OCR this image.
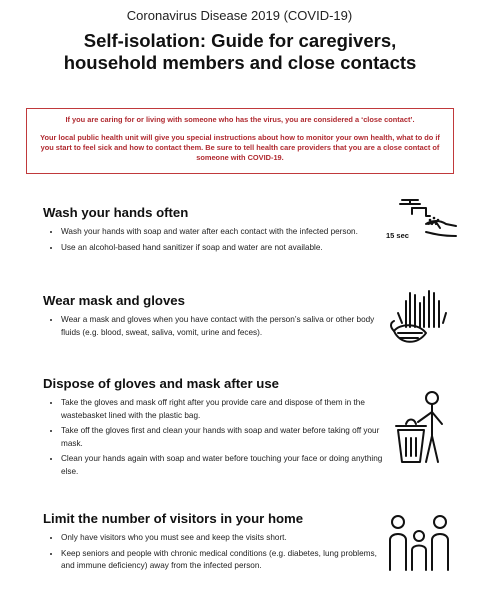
Coronavirus Disease 2019 (COVID-19)
Self-isolation: Guide for caregivers,
household members and close contacts

If you are caring for or living with someone who has the virus, you are considered a ‘close contact’.

Your local public health unit will give you special instructions about how to monitor your own health, what to do if you start to feel sick and how to contact them. Be sure to tell health care providers that you are a close contact of someone with COVID-19.

Wash your hands often
• Wash your hands with soap and water after each contact with the infected person.
• Use an alcohol-based hand sanitizer if soap and water are not available.
15 sec
Wear mask and gloves
• Wear a mask and gloves when you have contact with the person’s saliva or other body fluids (e.g. blood, sweat, saliva, vomit, urine and feces).
Dispose of gloves and mask after use
• Take the gloves and mask off right after you provide care and dispose of them in the wastebasket lined with the plastic bag.
• Take off the gloves first and clean your hands with soap and water before taking off your mask.
• Clean your hands again with soap and water before touching your face or doing anything else.
Limit the number of visitors in your home
• Only have visitors who you must see and keep the visits short.
• Keep seniors and people with chronic medical conditions (e.g. diabetes, lung problems, and immune deficiency) away from the infected person.
